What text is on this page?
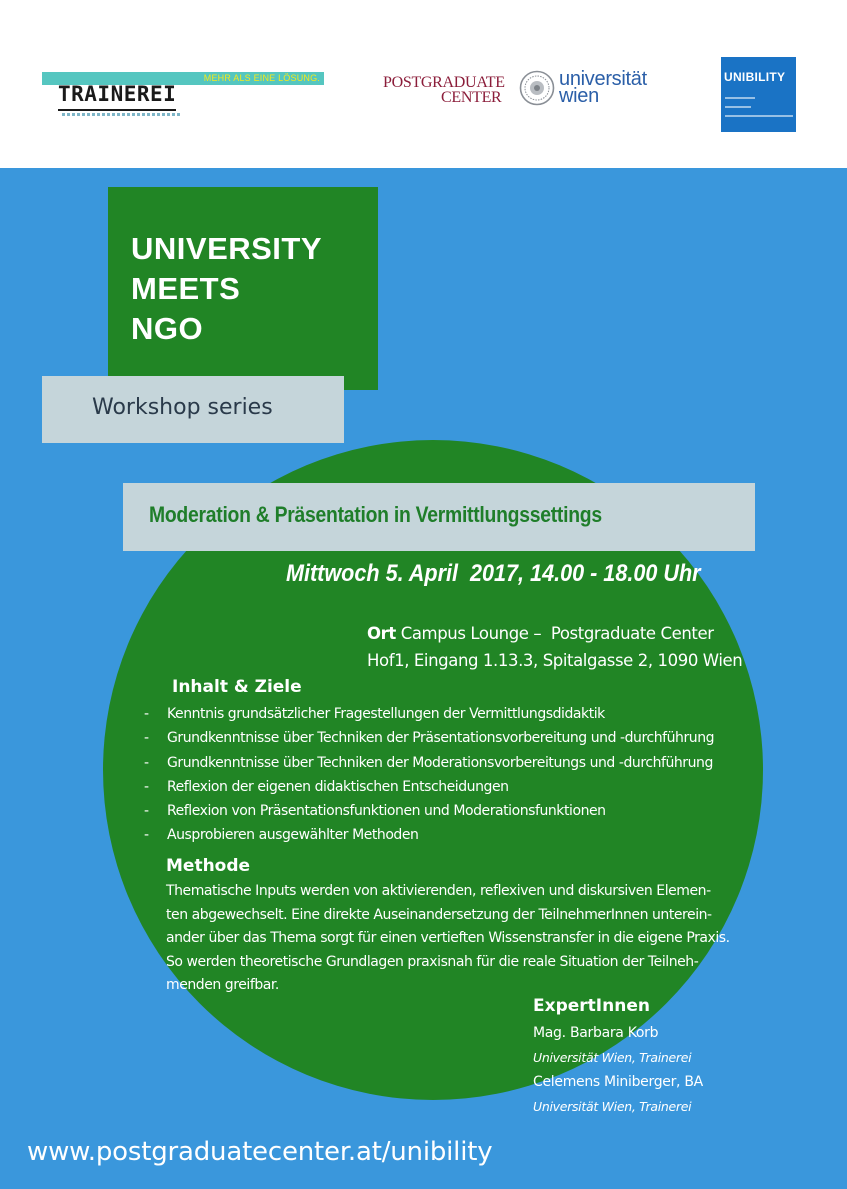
MEHR ALS EINE LÖSUNG.
TRAINEREI	POSTGRADUATE
CENTER
universität
wien
UNIBILITY
UNIVERSITY
MEETS
NGO
Workshop series
Moderation & Präsentation in Vermittlungssettings
Mittwoch 5. April  2017, 14.00 - 18.00 Uhr
Ort Campus Lounge –  Postgraduate Center
Hof1, Eingang 1.13.3, Spitalgasse 2, 1090 Wien
Inhalt & Ziele
- Kenntnis grundsätzlicher Fragestellungen der Vermittlungsdidaktik
- Grundkenntnisse über Techniken der Präsentationsvorbereitung und -durchführung
- Grundkenntnisse über Techniken der Moderationsvorbereitungs und -durchführung
- Reflexion der eigenen didaktischen Entscheidungen
- Reflexion von Präsentationsfunktionen und Moderationsfunktionen
- Ausprobieren ausgewählter Methoden
Methode
Thematische Inputs werden von aktivierenden, reflexiven und diskursiven Elemen-
ten abgewechselt. Eine direkte Auseinandersetzung der TeilnehmerInnen unterein-
ander über das Thema sorgt für einen vertieften Wissenstransfer in die eigene Praxis.
So werden theoretische Grundlagen praxisnah für die reale Situation der Teilneh-
menden greifbar.
ExpertInnen
Mag. Barbara Korb
Universität Wien, Trainerei
Celemens Miniberger, BA
Universität Wien, Trainerei
www.postgraduatecenter.at/unibility
